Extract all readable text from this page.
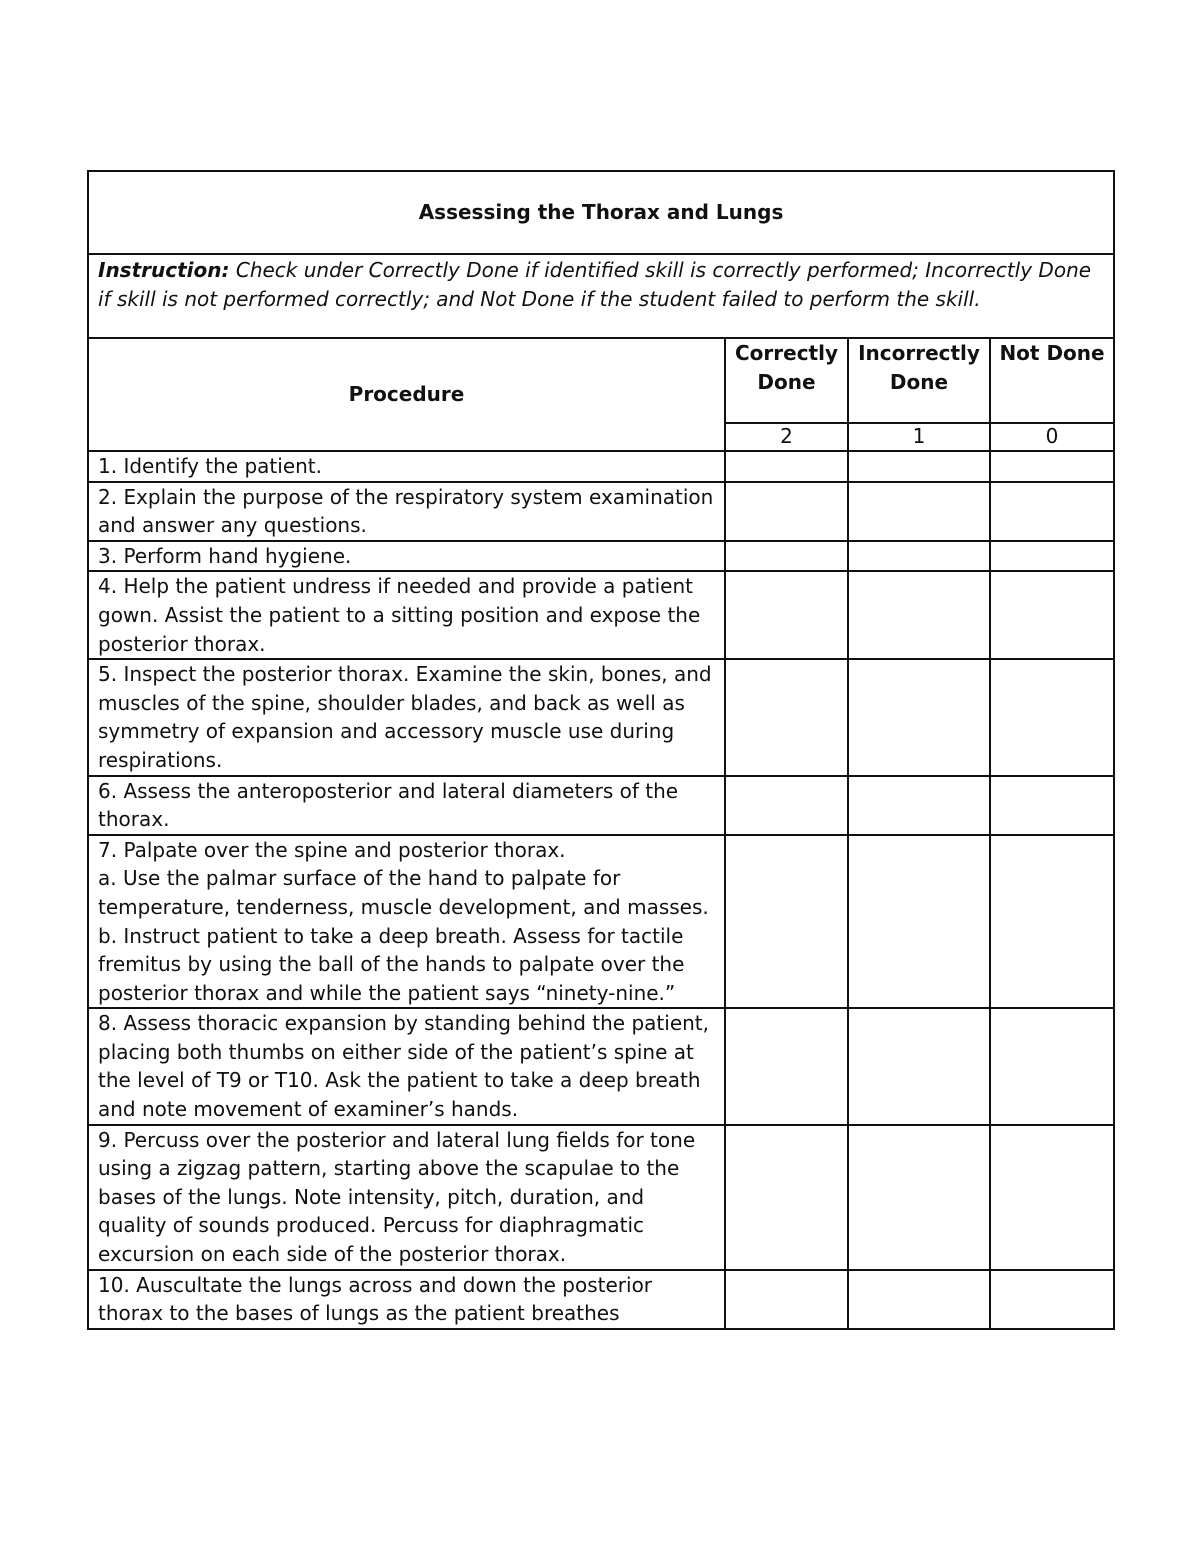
Assessing the Thorax and Lungs			
Instruction: Check under Correctly Done if identified skill is correctly performed; Incorrectly Done if skill is not performed correctly; and Not Done if the student failed to perform the skill.			
Procedure	Correctly Done	Incorrectly Done	Not Done
	2	1	0
1. Identify the patient.			
2. Explain the purpose of the respiratory system examination and answer any questions.			
3. Perform hand hygiene.			
4. Help the patient undress if needed and provide a patient gown. Assist the patient to a sitting position and expose the posterior thorax.			
5. Inspect the posterior thorax. Examine the skin, bones, and muscles of the spine, shoulder blades, and back as well as symmetry of expansion and accessory muscle use during respirations.			
6. Assess the anteroposterior and lateral diameters of the thorax.			
7. Palpate over the spine and posterior thorax.
a. Use the palmar surface of the hand to palpate for temperature, tenderness, muscle development, and masses.
b. Instruct patient to take a deep breath. Assess for tactile fremitus by using the ball of the hands to palpate over the posterior thorax and while the patient says “ninety-nine.”			
8. Assess thoracic expansion by standing behind the patient, placing both thumbs on either side of the patient’s spine at the level of T9 or T10. Ask the patient to take a deep breath and note movement of examiner’s hands.			
9. Percuss over the posterior and lateral lung fields for tone using a zigzag pattern, starting above the scapulae to the bases of the lungs. Note intensity, pitch, duration, and quality of sounds produced. Percuss for diaphragmatic excursion on each side of the posterior thorax.			
10. Auscultate the lungs across and down the posterior thorax to the bases of lungs as the patient breathes			
